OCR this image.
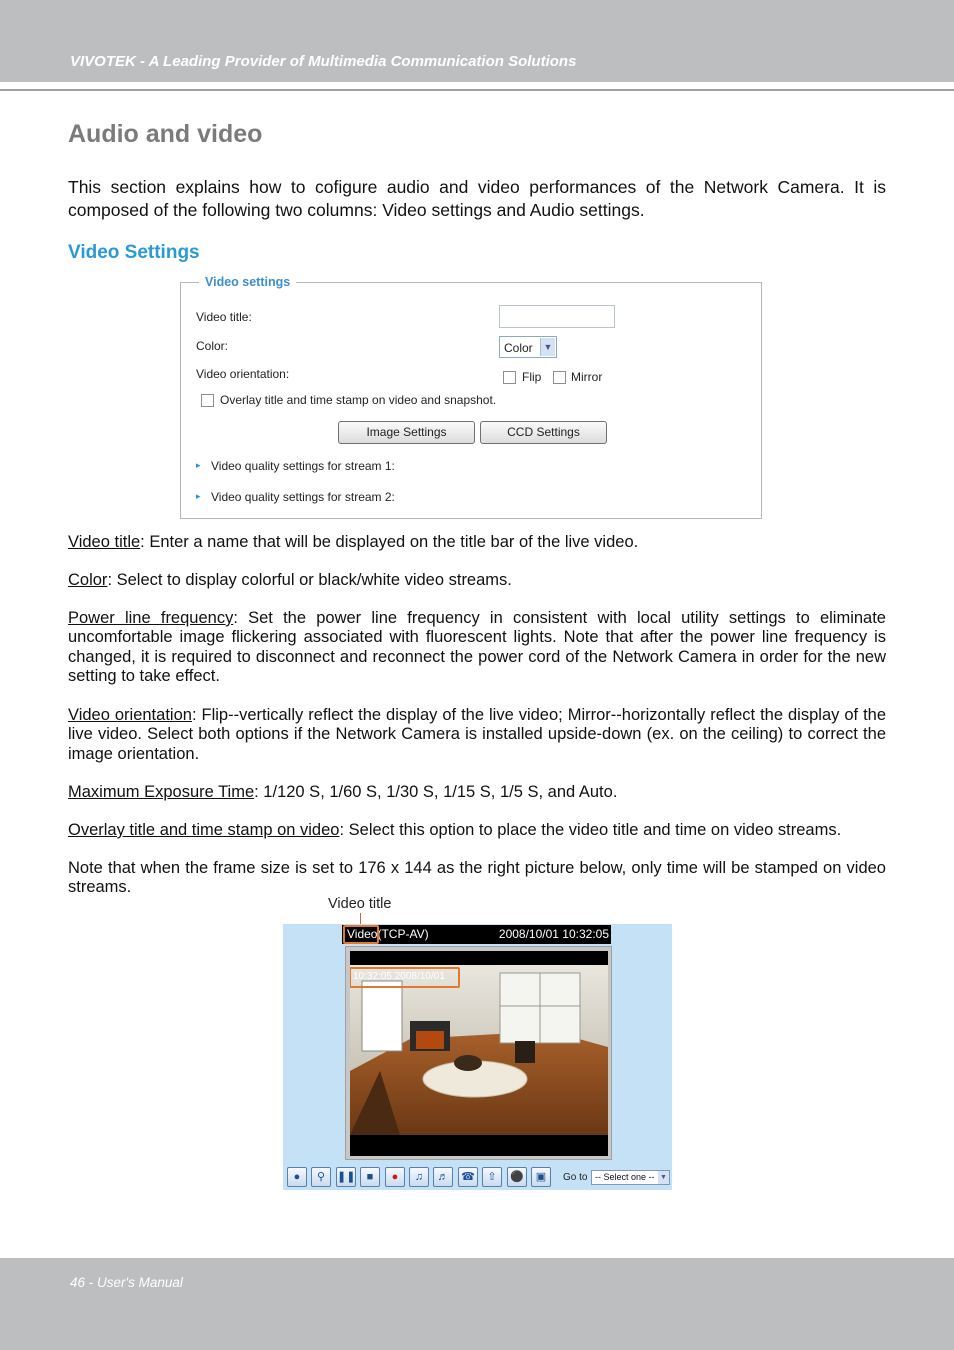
VIVOTEK - A Leading Provider of Multimedia Communication Solutions
Audio and video

This section explains how to cofigure audio and video performances of the Network Camera. It is composed of the following two columns: Video settings and Audio settings.

Video Settings
Video settings
Video title:
Color:	Color	▼
Video orientation:	Flip Mirror
Overlay title and time stamp on video and snapshot.
Image Settings	CCD Settings
▸ Video quality settings for stream 1:
▸ Video quality settings for stream 2:

Video title: Enter a name that will be displayed on the title bar of the live video.

Color: Select to display colorful or black/white video streams.

Power line frequency: Set the power line frequency in consistent with local utility settings to eliminate uncomfortable image flickering associated with fluorescent lights. Note that after the power line frequency is changed, it is required to disconnect and reconnect the power cord of the Network Camera in order for the new setting to take effect.

Video orientation: Flip--vertically reflect the display of the live video; Mirror--horizontally reflect the display of the live video. Select both options if the Network Camera is installed upside-down (ex. on the ceiling) to correct the image orientation.

Maximum Exposure Time: 1/120 S, 1/60 S, 1/30 S, 1/15 S, 1/5 S, and Auto.

Overlay title and time stamp on video: Select this option to place the video title and time on video streams.

Note that when the frame size is set to 176 x 144 as the right picture below, only time will be stamped on video streams.

Video title
Video(TCP-AV)	2008/10/01 10:32:05
10:32:05 2008/10/01
●	⚲	❚❚	■	●	♫	♬	☎	⇧	⚫	▣	Go to -- Select one -- ▼
46 - User's Manual
